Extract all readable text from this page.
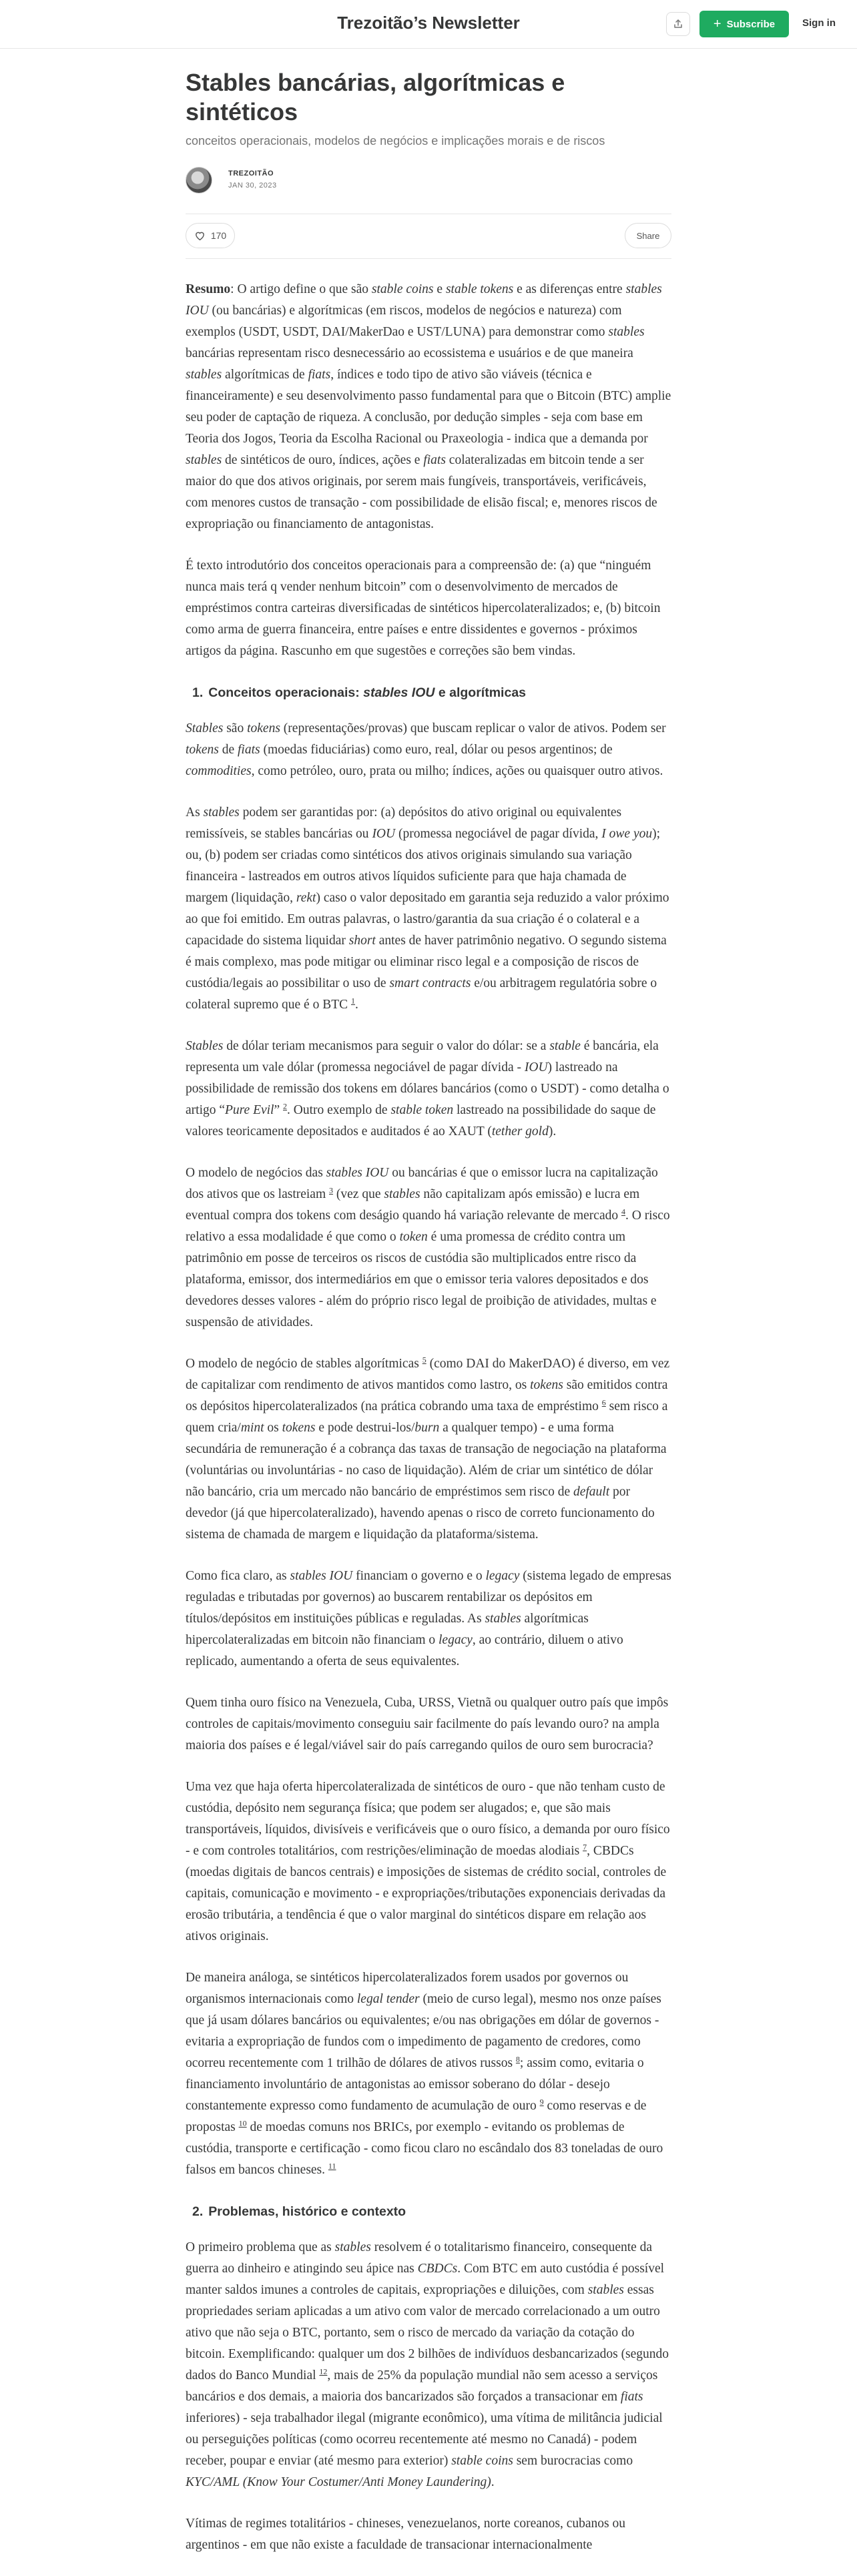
Trezoitão’s Newsletter	+ Subscribe	Sign in
Stables bancárias, algorítmicas e sintéticos
conceitos operacionais, modelos de negócios e implicações morais e de riscos
TREZOITÃO
JAN 30, 2023
170	Share

Resumo: O artigo define o que são stable coins e stable tokens e as diferenças entre stables IOU (ou bancárias) e algorítmicas (em riscos, modelos de negócios e natureza) com exemplos (USDT, USDT, DAI/MakerDao e UST/LUNA) para demonstrar como stables bancárias representam risco desnecessário ao ecossistema e usuários e de que maneira stables algorítmicas de fiats, índices e todo tipo de ativo são viáveis (técnica e financeiramente) e seu desenvolvimento passo fundamental para que o Bitcoin (BTC) amplie seu poder de captação de riqueza. A conclusão, por dedução simples - seja com base em Teoria dos Jogos, Teoria da Escolha Racional ou Praxeologia - indica que a demanda por stables de sintéticos de ouro, índices, ações e fiats colateralizadas em bitcoin tende a ser maior do que dos ativos originais, por serem mais fungíveis, transportáveis, verificáveis, com menores custos de transação - com possibilidade de elisão fiscal; e, menores riscos de expropriação ou financiamento de antagonistas.

É texto introdutório dos conceitos operacionais para a compreensão de: (a) que “ninguém nunca mais terá q vender nenhum bitcoin” com o desenvolvimento de mercados de empréstimos contra carteiras diversificadas de sintéticos hipercolateralizados; e, (b) bitcoin como arma de guerra financeira, entre países e entre dissidentes e governos - próximos artigos da página. Rascunho em que sugestões e correções são bem vindas.

1. Conceitos operacionais: stables IOU e algorítmicas

Stables são tokens (representações/provas) que buscam replicar o valor de ativos. Podem ser tokens de fiats (moedas fiduciárias) como euro, real, dólar ou pesos argentinos; de commodities, como petróleo, ouro, prata ou milho; índices, ações ou quaisquer outro ativos.

As stables podem ser garantidas por: (a) depósitos do ativo original ou equivalentes remissíveis, se stables bancárias ou IOU (promessa negociável de pagar dívida, I owe you); ou, (b) podem ser criadas como sintéticos dos ativos originais simulando sua variação financeira - lastreados em outros ativos líquidos suficiente para que haja chamada de margem (liquidação, rekt) caso o valor depositado em garantia seja reduzido a valor próximo ao que foi emitido. Em outras palavras, o lastro/garantia da sua criação é o colateral e a capacidade do sistema liquidar short antes de haver patrimônio negativo. O segundo sistema é mais complexo, mas pode mitigar ou eliminar risco legal e a composição de riscos de custódia/legais ao possibilitar o uso de smart contracts e/ou arbitragem regulatória sobre o colateral supremo que é o BTC $^1$.

Stables de dólar teriam mecanismos para seguir o valor do dólar: se a stable é bancária, ela representa um vale dólar (promessa negociável de pagar dívida - IOU) lastreado na possibilidade de remissão dos tokens em dólares bancários (como o USDT) - como detalha o artigo “Pure Evil” $^2$. Outro exemplo de stable token lastreado na possibilidade do saque de valores teoricamente depositados e auditados é ao XAUT (tether gold).

O modelo de negócios das stables IOU ou bancárias é que o emissor lucra na capitalização dos ativos que os lastreiam $^3$ (vez que stables não capitalizam após emissão) e lucra em eventual compra dos tokens com deságio quando há variação relevante de mercado $^4$. O risco relativo a essa modalidade é que como o token é uma promessa de crédito contra um patrimônio em posse de terceiros os riscos de custódia são multiplicados entre risco da plataforma, emissor, dos intermediários em que o emissor teria valores depositados e dos devedores desses valores - além do próprio risco legal de proibição de atividades, multas e suspensão de atividades.

O modelo de negócio de stables algorítmicas $^5$ (como DAI do MakerDAO) é diverso, em vez de capitalizar com rendimento de ativos mantidos como lastro, os tokens são emitidos contra os depósitos hipercolateralizados (na prática cobrando uma taxa de empréstimo $^6$ sem risco a quem cria/mint os tokens e pode destrui-los/burn a qualquer tempo) - e uma forma secundária de remuneração é a cobrança das taxas de transação de negociação na plataforma (voluntárias ou involuntárias - no caso de liquidação). Além de criar um sintético de dólar não bancário, cria um mercado não bancário de empréstimos sem risco de default por devedor (já que hipercolateralizado), havendo apenas o risco de correto funcionamento do sistema de chamada de margem e liquidação da plataforma/sistema.

Como fica claro, as stables IOU financiam o governo e o legacy (sistema legado de empresas reguladas e tributadas por governos) ao buscarem rentabilizar os depósitos em títulos/depósitos em instituições públicas e reguladas. As stables algorítmicas hipercolateralizadas em bitcoin não financiam o legacy, ao contrário, diluem o ativo replicado, aumentando a oferta de seus equivalentes.

Quem tinha ouro físico na Venezuela, Cuba, URSS, Vietnã ou qualquer outro país que impôs controles de capitais/movimento conseguiu sair facilmente do país levando ouro? na ampla maioria dos países e é legal/viável sair do país carregando quilos de ouro sem burocracia?

Uma vez que haja oferta hipercolateralizada de sintéticos de ouro - que não tenham custo de custódia, depósito nem segurança física; que podem ser alugados; e, que são mais transportáveis, líquidos, divisíveis e verificáveis que o ouro físico, a demanda por ouro físico - e com controles totalitários, com restrições/eliminação de moedas alodiais $^7$, CBDCs (moedas digitais de bancos centrais) e imposições de sistemas de crédito social, controles de capitais, comunicação e movimento - e expropriações/tributações exponenciais derivadas da erosão tributária, a tendência é que o valor marginal do sintéticos dispare em relação aos ativos originais.

De maneira análoga, se sintéticos hipercolateralizados forem usados por governos ou organismos internacionais como legal tender (meio de curso legal), mesmo nos onze países que já usam dólares bancários ou equivalentes; e/ou nas obrigações em dólar de governos - evitaria a expropriação de fundos com o impedimento de pagamento de credores, como ocorreu recentemente com 1 trilhão de dólares de ativos russos $^8$; assim como, evitaria o financiamento involuntário de antagonistas ao emissor soberano do dólar - desejo constantemente expresso como fundamento de acumulação de ouro $^9$ como reservas e de propostas $^{10}$ de moedas comuns nos BRICs, por exemplo - evitando os problemas de custódia, transporte e certificação - como ficou claro no escândalo dos 83 toneladas de ouro falsos em bancos chineses. $^{11}$

2. Problemas, histórico e contexto

O primeiro problema que as stables resolvem é o totalitarismo financeiro, consequente da guerra ao dinheiro e atingindo seu ápice nas CBDCs. Com BTC em auto custódia é possível manter saldos imunes a controles de capitais, expropriações e diluições, com stables essas propriedades seriam aplicadas a um ativo com valor de mercado correlacionado a um outro ativo que não seja o BTC, portanto, sem o risco de mercado da variação da cotação do bitcoin. Exemplificando: qualquer um dos 2 bilhões de indivíduos desbancarizados (segundo dados do Banco Mundial $^{12}$, mais de 25% da população mundial não sem acesso a serviços bancários e dos demais, a maioria dos bancarizados são forçados a transacionar em fiats inferiores) - seja trabalhador ilegal (migrante econômico), uma vítima de militância judicial ou perseguições políticas (como ocorreu recentemente até mesmo no Canadá) - podem receber, poupar e enviar (até mesmo para exterior) stable coins sem burocracias como KYC/AML (Know Your Costumer/Anti Money Laundering).

Vítimas de regimes totalitários - chineses, venezuelanos, norte coreanos, cubanos ou argentinos - em que não existe a faculdade de transacionar internacionalmente
